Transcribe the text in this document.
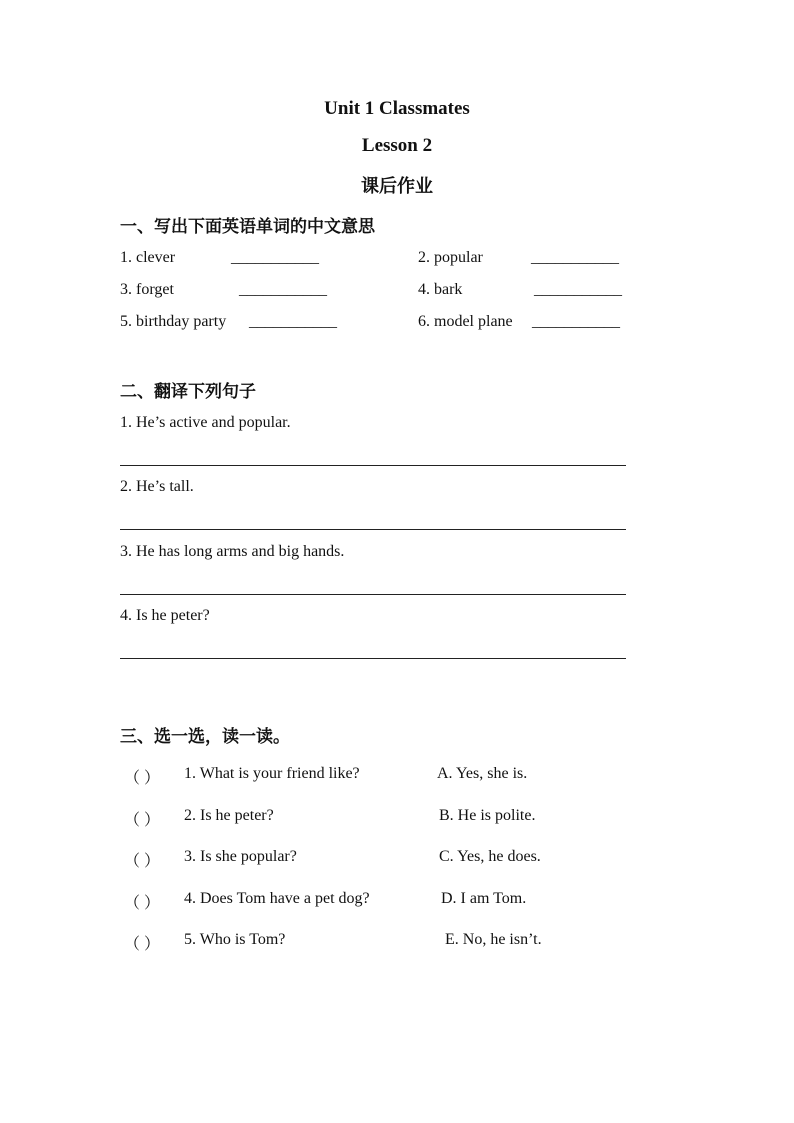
Unit 1 Classmates
Lesson 2
课后作业
一、写出下面英语单词的中文意思
1. clever	___________	2. popular	___________
3. forget	___________	4. bark	___________
5. birthday party ___________	6. model plane ___________
二、翻译下列句子
1. He’s active and popular.
2. He’s tall.
3. He has long arms and big hands.
4. Is he peter?
三、选一选，读一读。
（ ） 1. What is your friend like?	A. Yes, she is.
（ ） 2. Is he peter?	B. He is polite.
（ ） 3. Is she popular?	C. Yes, he does.
（ ） 4. Does Tom have a pet dog?	D. I am Tom.
（ ） 5. Who is Tom?	E. No, he isn’t.
